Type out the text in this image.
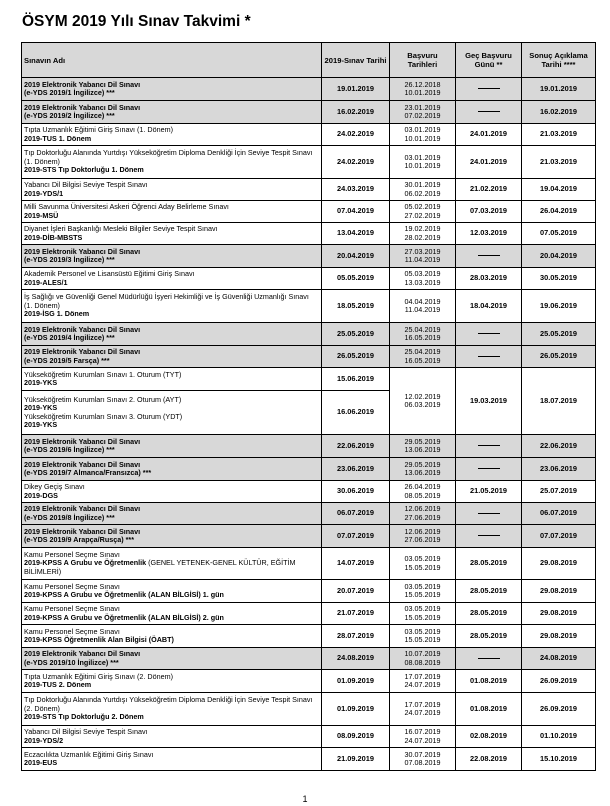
ÖSYM 2019 Yılı Sınav Takvimi *
Sınavın Adı	2019-Sınav Tarihi	Başvuru Tarihleri	Geç Başvuru Günü **	Sonuç Açıklama Tarihi ****

2019 Elektronik Yabancı Dil Sınavı
(e-YDS 2019/1 İngilizce) ***	19.01.2019	26.12.2018
10.01.2019		19.01.2019

2019 Elektronik Yabancı Dil Sınavı
(e-YDS 2019/2 İngilizce) ***	16.02.2019	23.01.2019
07.02.2019		16.02.2019

Tıpta Uzmanlık Eğitimi Giriş Sınavı (1. Dönem)
2019-TUS 1. Dönem	24.02.2019	03.01.2019
10.01.2019	24.01.2019	21.03.2019

Tıp Doktorluğu Alanında Yurtdışı Yükseköğretim Diploma Denkliği İçin Seviye Tespit Sınavı (1. Dönem)
2019-STS Tıp Doktorluğu 1. Dönem	24.02.2019	03.01.2019
10.01.2019	24.01.2019	21.03.2019

Yabancı Dil Bilgisi Seviye Tespit Sınavı
2019-YDS/1	24.03.2019	30.01.2019
06.02.2019	21.02.2019	19.04.2019

Milli Savunma Üniversitesi Askeri Öğrenci Aday Belirleme Sınavı
2019-MSÜ	07.04.2019	05.02.2019
27.02.2019	07.03.2019	26.04.2019

Diyanet İşleri Başkanlığı Mesleki Bilgiler Seviye Tespit Sınavı
2019-DİB-MBSTS	13.04.2019	19.02.2019
28.02.2019	12.03.2019	07.05.2019

2019 Elektronik Yabancı Dil Sınavı
(e-YDS 2019/3 İngilizce) ***	20.04.2019	27.03.2019
11.04.2019		20.04.2019

Akademik Personel ve Lisansüstü Eğitimi Giriş Sınavı
2019-ALES/1	05.05.2019	05.03.2019
13.03.2019	28.03.2019	30.05.2019

İş Sağlığı ve Güvenliği Genel Müdürlüğü İşyeri Hekimliği ve İş Güvenliği Uzmanlığı Sınavı (1. Dönem)
2019-İSG 1. Dönem	18.05.2019	04.04.2019
11.04.2019	18.04.2019	19.06.2019

2019 Elektronik Yabancı Dil Sınavı
(e-YDS 2019/4 İngilizce) ***	25.05.2019	25.04.2019
16.05.2019		25.05.2019

2019 Elektronik Yabancı Dil Sınavı
(e-YDS 2019/5 Farsça) ***	26.05.2019	25.04.2019
16.05.2019		26.05.2019

Yükseköğretim Kurumları Sınavı 1. Oturum (TYT)
2019-YKS	15.06.2019	12.02.2019
06.03.2019	19.03.2019	18.07.2019

Yükseköğretim Kurumları Sınavı 2. Oturum (AYT)
2019-YKS
Yükseköğretim Kurumları Sınavı 3. Oturum (YDT)
2019-YKS	16.06.2019			

2019 Elektronik Yabancı Dil Sınavı
(e-YDS 2019/6 İngilizce) ***	22.06.2019	29.05.2019
13.06.2019		22.06.2019

2019 Elektronik Yabancı Dil Sınavı
(e-YDS 2019/7 Almanca/Fransızca) ***	23.06.2019	29.05.2019
13.06.2019		23.06.2019

Dikey Geçiş Sınavı
2019-DGS	30.06.2019	26.04.2019
08.05.2019	21.05.2019	25.07.2019

2019 Elektronik Yabancı Dil Sınavı
(e-YDS 2019/8 İngilizce) ***	06.07.2019	12.06.2019
27.06.2019		06.07.2019

2019 Elektronik Yabancı Dil Sınavı
(e-YDS 2019/9 Arapça/Rusça) ***	07.07.2019	12.06.2019
27.06.2019		07.07.2019

Kamu Personel Seçme Sınavı
2019-KPSS A Grubu ve Öğretmenlik (GENEL YETENEK-GENEL KÜLTÜR, EĞİTİM BİLİMLERİ)	14.07.2019	03.05.2019
15.05.2019	28.05.2019	29.08.2019

Kamu Personel Seçme Sınavı
2019-KPSS A Grubu ve Öğretmenlik (ALAN BİLGİSİ) 1. gün	20.07.2019	03.05.2019
15.05.2019	28.05.2019	29.08.2019

Kamu Personel Seçme Sınavı
2019-KPSS A Grubu ve Öğretmenlik (ALAN BİLGİSİ) 2. gün	21.07.2019	03.05.2019
15.05.2019	28.05.2019	29.08.2019

Kamu Personel Seçme Sınavı
2019-KPSS Öğretmenlik Alan Bilgisi (ÖABT)	28.07.2019	03.05.2019
15.05.2019	28.05.2019	29.08.2019

2019 Elektronik Yabancı Dil Sınavı
(e-YDS 2019/10 İngilizce) ***	24.08.2019	10.07.2019
08.08.2019		24.08.2019

Tıpta Uzmanlık Eğitimi Giriş Sınavı (2. Dönem)
2019-TUS 2. Dönem	01.09.2019	17.07.2019
24.07.2019	01.08.2019	26.09.2019

Tıp Doktorluğu Alanında Yurtdışı Yükseköğretim Diploma Denkliği İçin Seviye Tespit Sınavı (2. Dönem)
2019-STS Tıp Doktorluğu 2. Dönem	01.09.2019	17.07.2019
24.07.2019	01.08.2019	26.09.2019

Yabancı Dil Bilgisi Seviye Tespit Sınavı
2019-YDS/2	08.09.2019	16.07.2019
24.07.2019	02.08.2019	01.10.2019

Eczacılıkta Uzmanlık Eğitimi Giriş Sınavı
2019-EUS	21.09.2019	30.07.2019
07.08.2019	22.08.2019	15.10.2019
1
